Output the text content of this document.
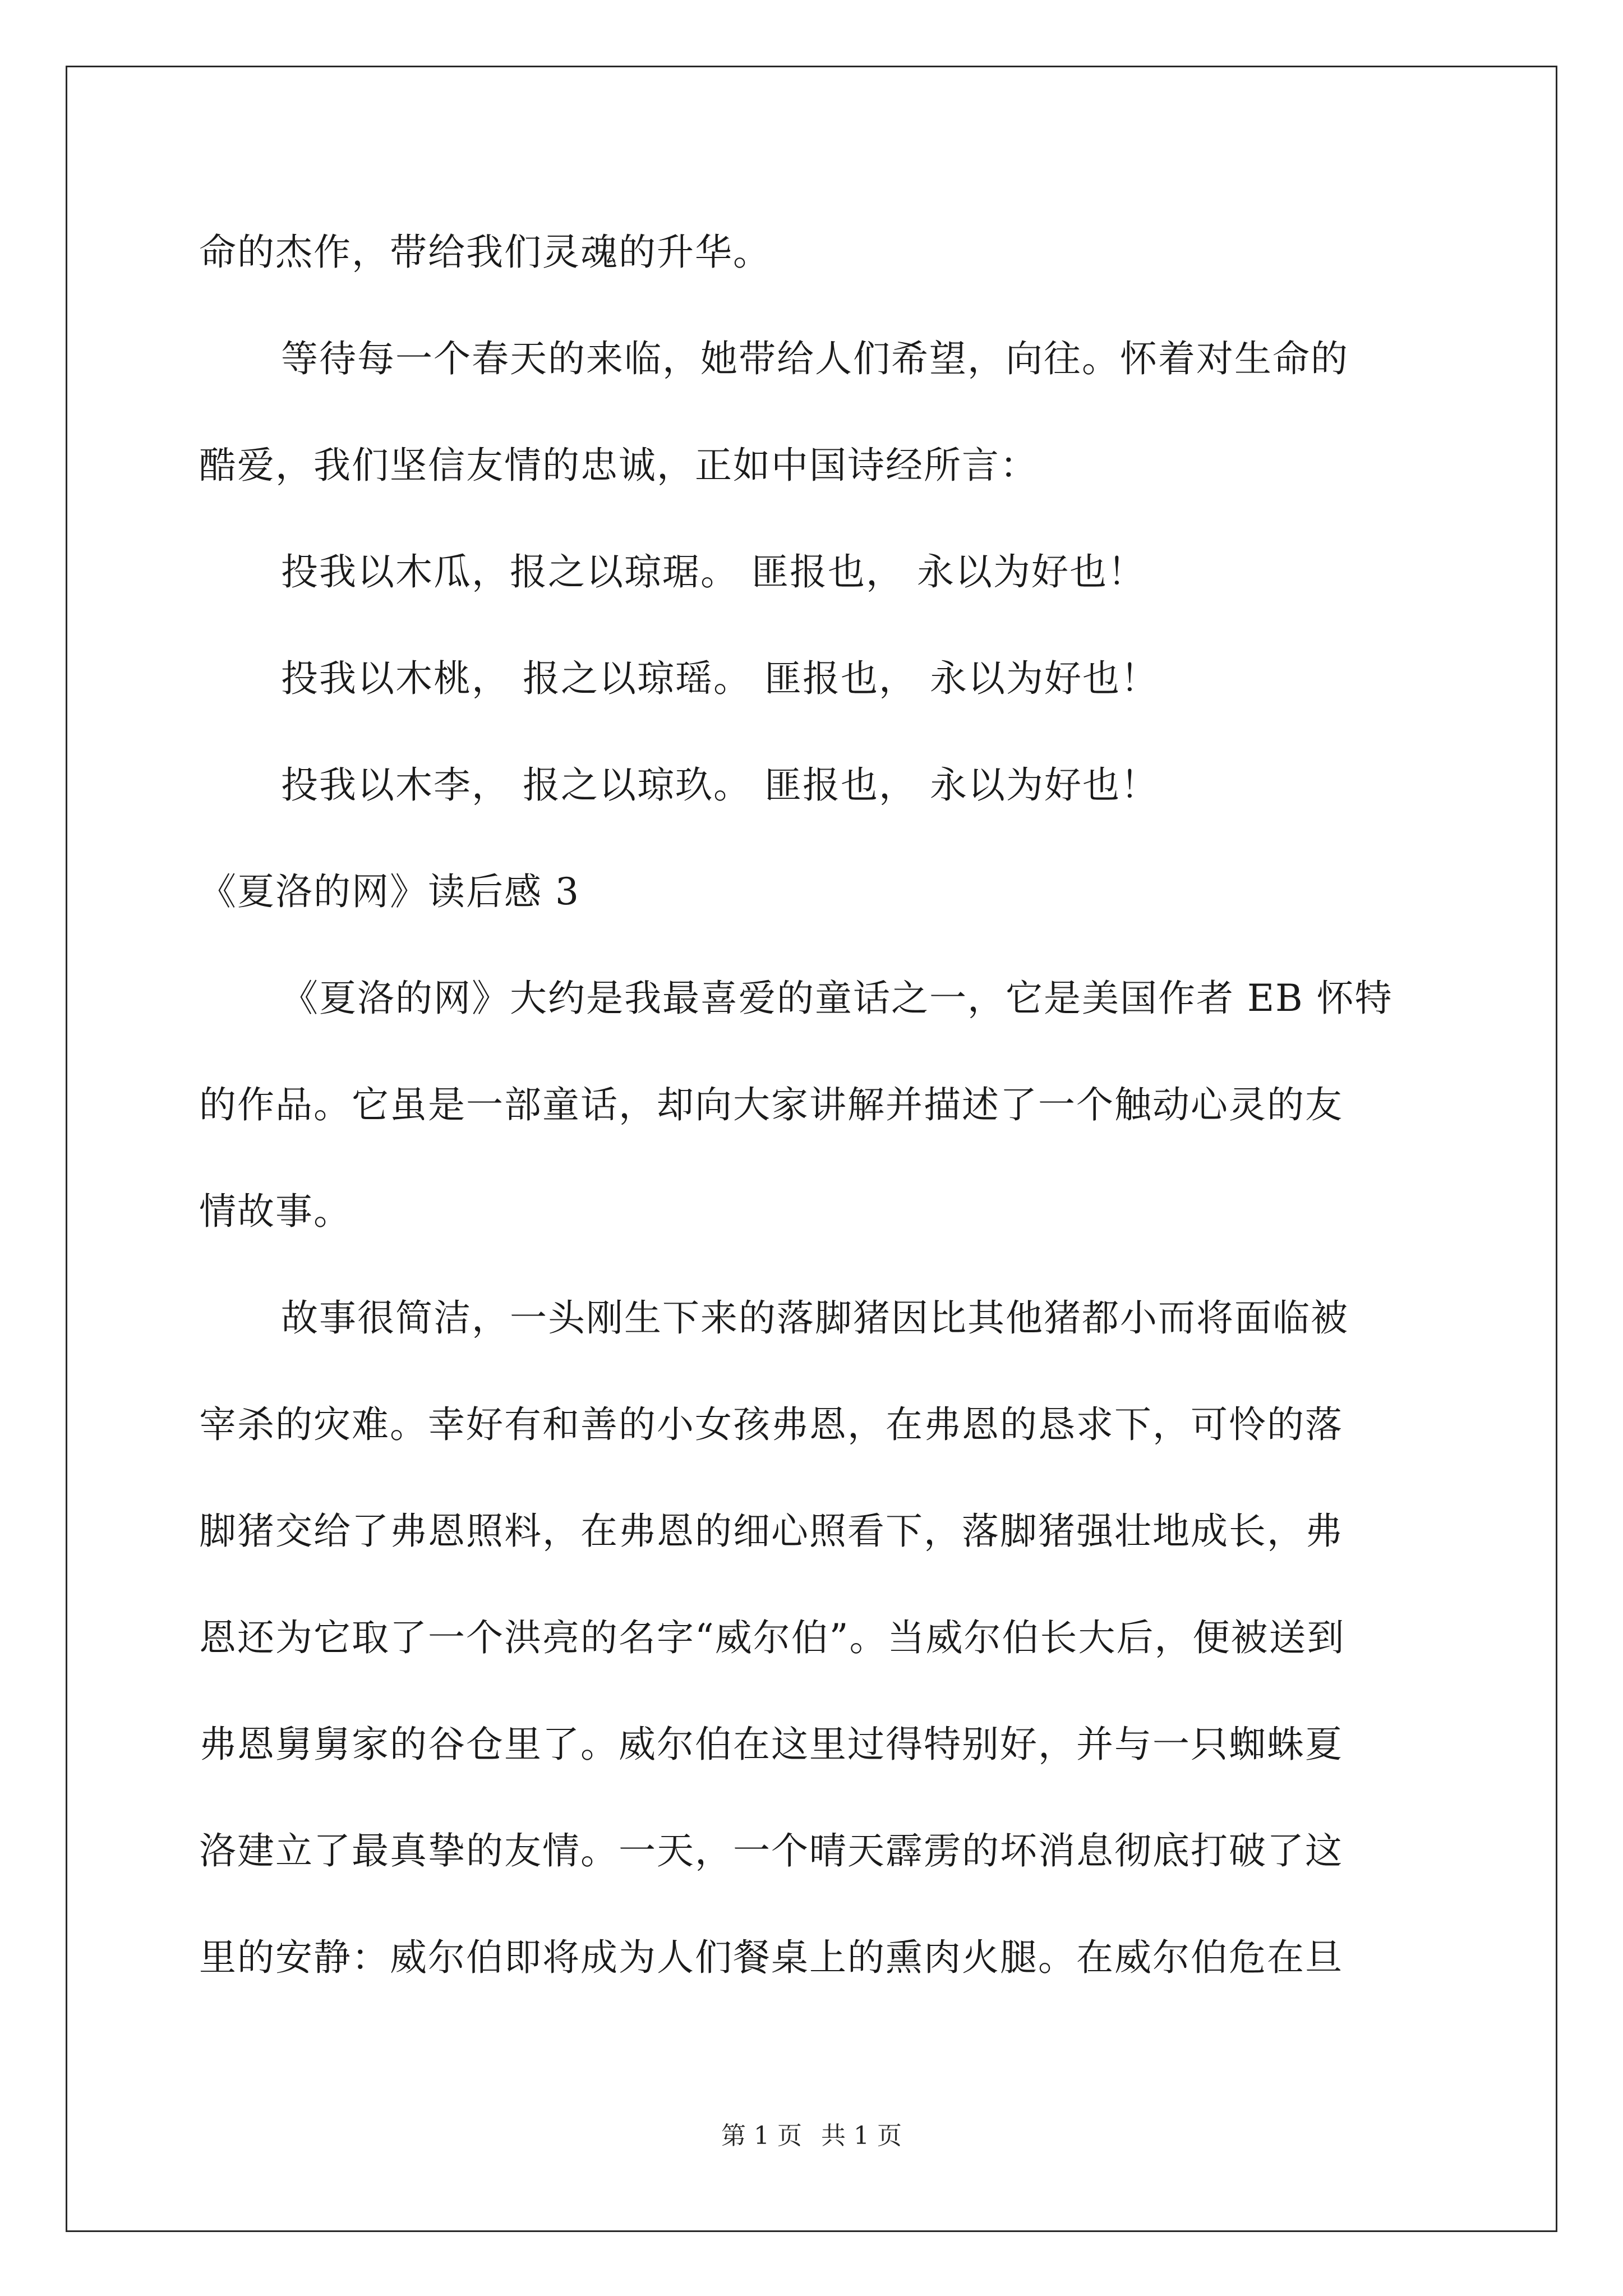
命的杰作，带给我们灵魂的升华。
等待每一个春天的来临，她带给人们希望，向往。怀着对生命的
酷爱，我们坚信友情的忠诚，正如中国诗经所言：
投我以木瓜，报之以琼琚。 匪报也， 永以为好也！
投我以木桃， 报之以琼瑶。 匪报也， 永以为好也！
投我以木李， 报之以琼玖。 匪报也， 永以为好也！
《夏洛的网》读后感 3
《夏洛的网》大约是我最喜爱的童话之一，它是美国作者 EB 怀特
的作品。它虽是一部童话，却向大家讲解并描述了一个触动心灵的友
情故事。
故事很简洁，一头刚生下来的落脚猪因比其他猪都小而将面临被
宰杀的灾难。幸好有和善的小女孩弗恩，在弗恩的恳求下，可怜的落
脚猪交给了弗恩照料，在弗恩的细心照看下，落脚猪强壮地成长，弗
恩还为它取了一个洪亮的名字“威尔伯”。当威尔伯长大后，便被送到
弗恩舅舅家的谷仓里了。威尔伯在这里过得特别好，并与一只蜘蛛夏
洛建立了最真挚的友情。一天，一个晴天霹雳的坏消息彻底打破了这
里的安静：威尔伯即将成为人们餐桌上的熏肉火腿。在威尔伯危在旦
第 1 页 共 1 页
